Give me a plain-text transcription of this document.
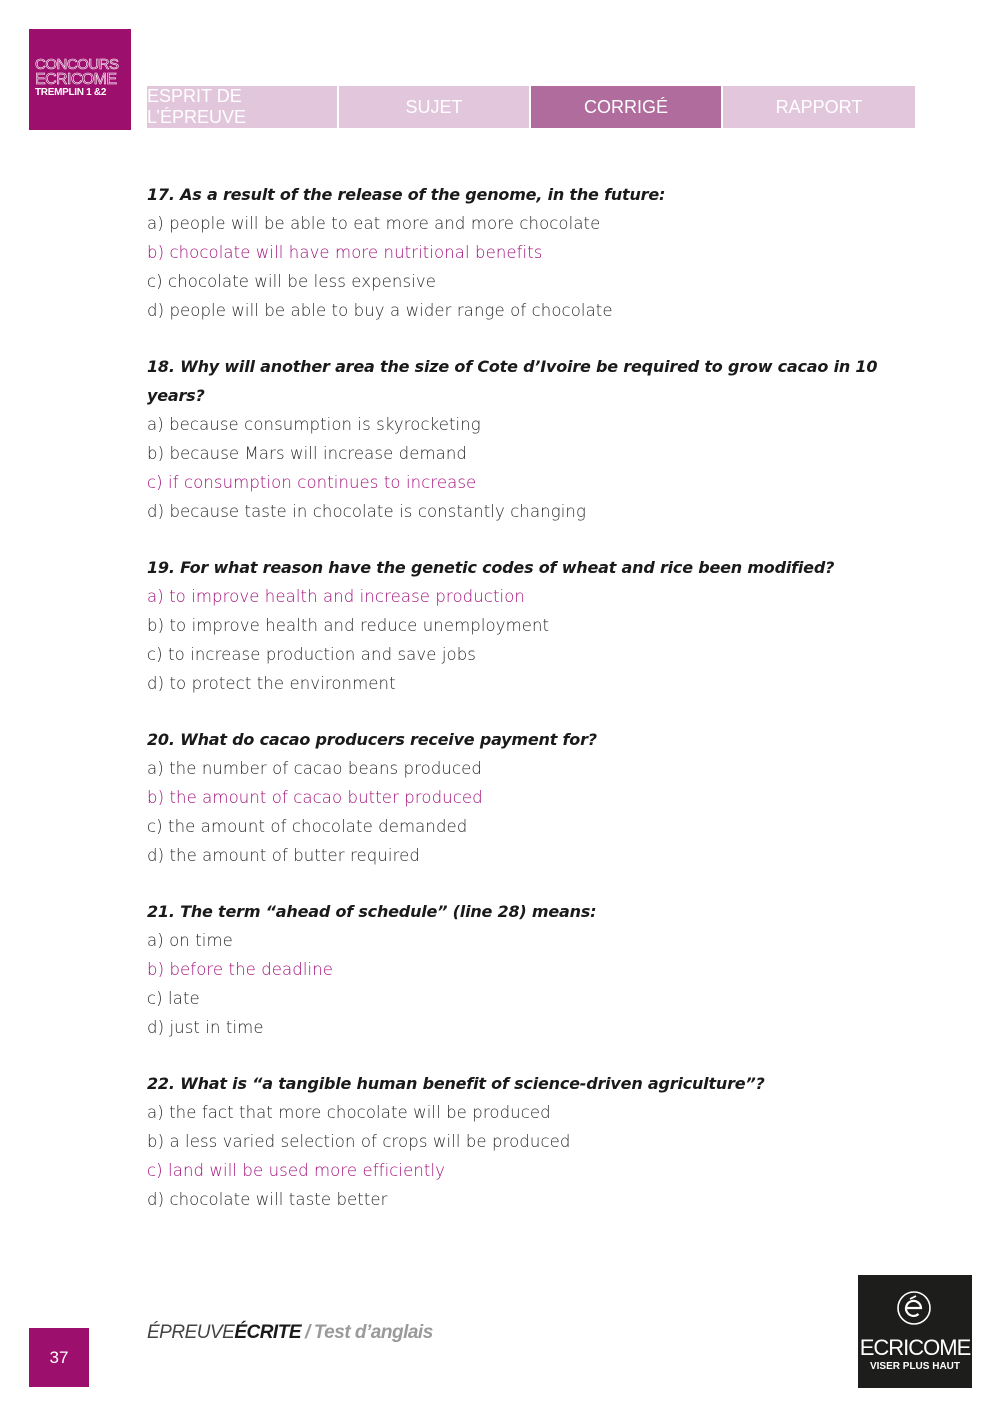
CONCOURS
ECRICOME
TREMPLIN 1 &2 ESPRIT DE L’ÉPREUVE
SUJET	CORRIGÉ	RAPPORT
17. As a result of the release of the genome, in the future:
a) people will be able to eat more and more chocolate
b) chocolate will have more nutritional benefits
c) chocolate will be less expensive
d) people will be able to buy a wider range of chocolate
18. Why will another area the size of Cote d’Ivoire be required to grow cacao in 10 years?
a) because consumption is skyrocketing
b) because Mars will increase demand
c) if consumption continues to increase
d) because taste in chocolate is constantly changing
19. For what reason have the genetic codes of wheat and rice been modified?
a) to improve health and increase production
b) to improve health and reduce unemployment
c) to increase production and save jobs
d) to protect the environment
20. What do cacao producers receive payment for?
a) the number of cacao beans produced
b) the amount of cacao butter produced
c) the amount of chocolate demanded
d) the amount of butter required
21. The term “ahead of schedule” (line 28) means:
a) on time
b) before the deadline
c) late
d) just in time
22. What is “a tangible human benefit of science-driven agriculture”?
a) the fact that more chocolate will be produced
b) a less varied selection of crops will be produced
c) land will be used more efficiently
d) chocolate will taste better
37
ÉPREUVEÉCRITE / Test d’anglais
ECRICOME
VISER PLUS HAUT
